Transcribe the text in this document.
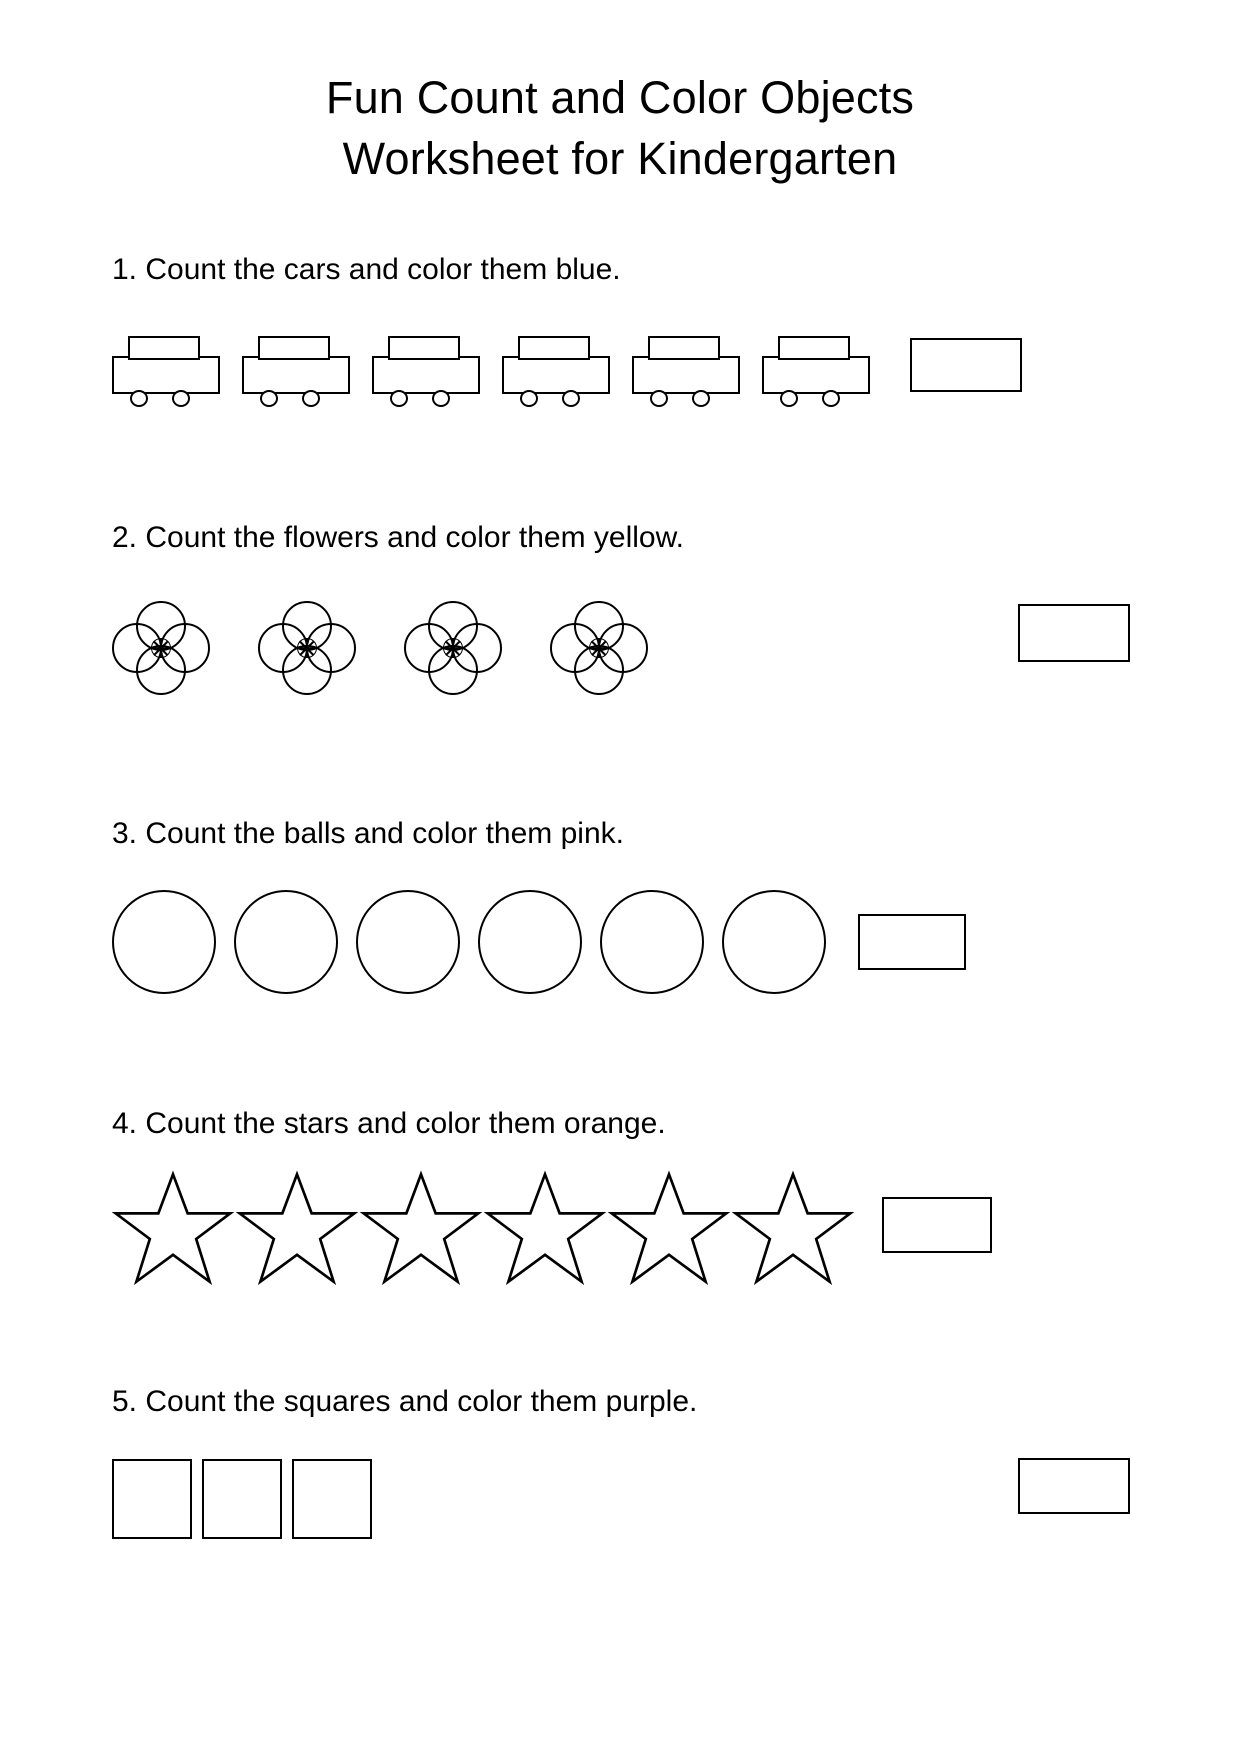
Fun Count and Color Objects
Worksheet for Kindergarten

1. Count the cars and color them blue.

2. Count the flowers and color them yellow.

3. Count the balls and color them pink.

4. Count the stars and color them orange.

5. Count the squares and color them purple.
